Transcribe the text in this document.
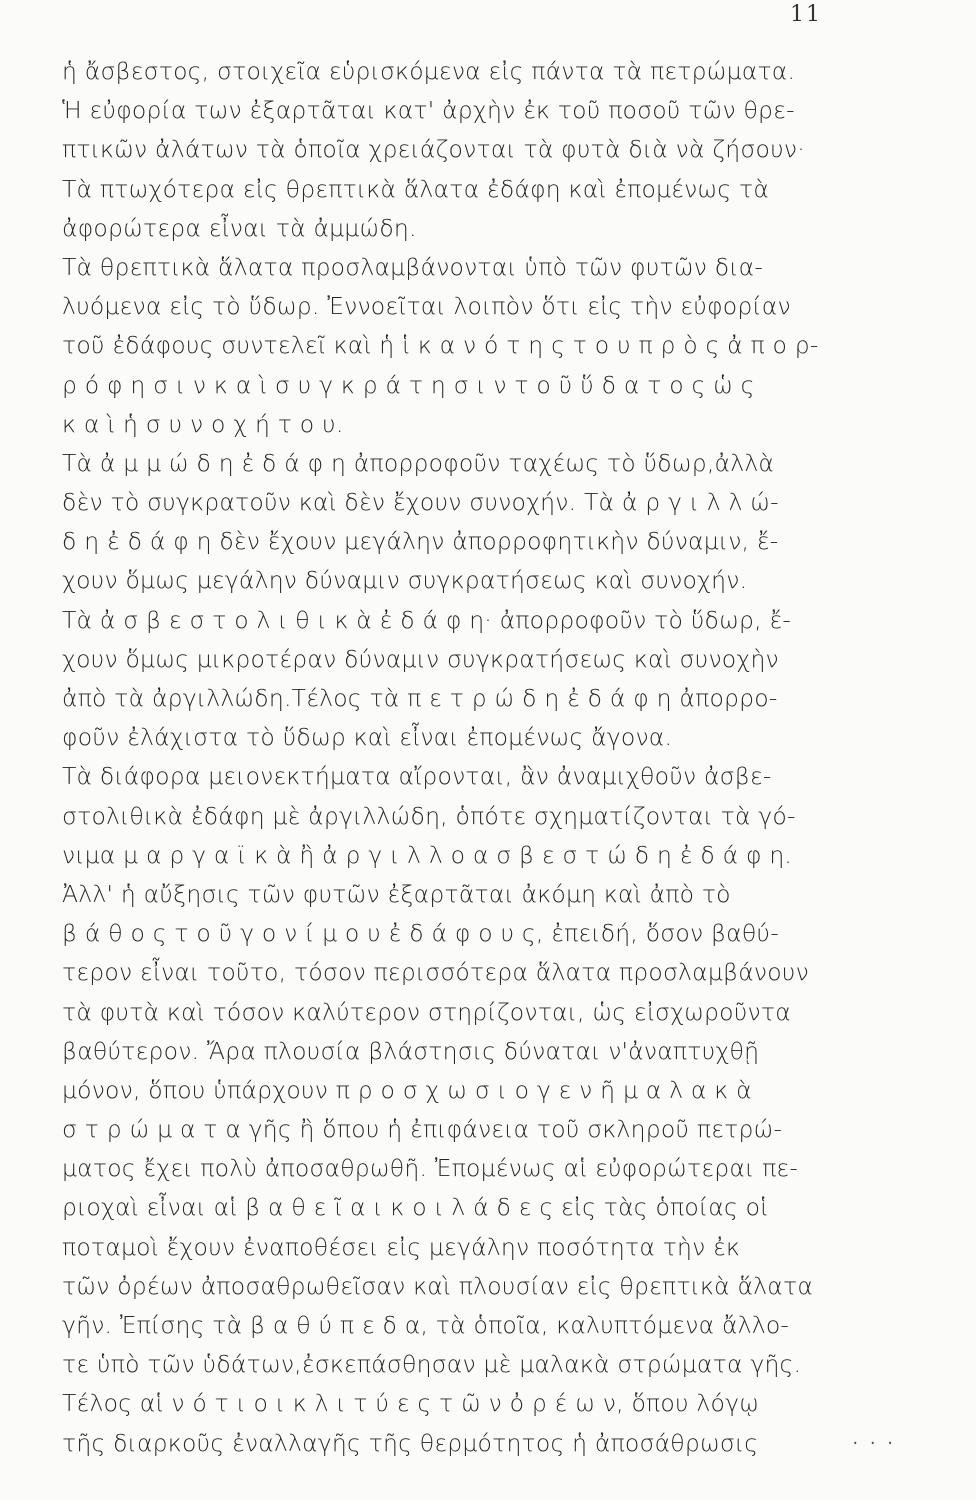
11
ἡ ἄσβεστος, στοιχεῖα εὑρισκόμενα εἰς πάντα τὰ πετρώματα.
Ἡ εὐφορία των ἐξαρτᾶται κατ' ἀρχὴν ἐκ τοῦ ποσοῦ τῶν θρε-
πτικῶν ἀλάτων τὰ ὁποῖα χρειάζονται τὰ φυτὰ διὰ νὰ ζήσουν·
Τὰ πτωχότερα εἰς θρεπτικὰ ἅλατα ἐδάφη καὶ ἐπομένως τὰ
ἀφορώτερα εἶναι τὰ ἀμμώδη.
Τὰ θρεπτικὰ ἅλατα προσλαμβάνονται ὑπὸ τῶν φυτῶν δια-
λυόμενα εἰς τὸ ὕδωρ. Ἐννοεῖται λοιπὸν ὅτι εἰς τὴν εὐφορίαν
τοῦ ἐδάφους συντελεῖ καὶ ἡ ἱ κ α ν ό τ η ς τ ο υ π ρ ὸ ς ἀ π ο ρ-
ρ ό φ η σ ι ν κ α ὶ σ υ γ κ ρ ά τ η σ ι ν τ ο ῦ ὕ δ α τ ο ς ὡ ς
κ α ὶ ἡ σ υ ν ο χ ή τ ο υ.
Τὰ ἀ μ μ ώ δ η ἐ δ ά φ η ἀπορροφοῦν ταχέως τὸ ὕδωρ,ἀλλὰ
δὲν τὸ συγκρατοῦν καὶ δὲν ἔχουν συνοχήν. Τὰ ἀ ρ γ ι λ λ ώ-
δ η ἐ δ ά φ η δὲν ἔχουν μεγάλην ἀπορροφητικὴν δύναμιν, ἔ-
χουν ὅμως μεγάλην δύναμιν συγκρατήσεως καὶ συνοχήν.
Τὰ ἀ σ β ε σ τ ο λ ι θ ι κ ὰ ἐ δ ά φ η· ἀπορροφοῦν τὸ ὕδωρ, ἔ-
χουν ὅμως μικροτέραν δύναμιν συγκρατήσεως καὶ συνοχὴν
ἀπὸ τὰ ἀργιλλώδη.Τέλος τὰ π ε τ ρ ώ δ η ἐ δ ά φ η ἀπορρο-
φοῦν ἐλάχιστα τὸ ὕδωρ καὶ εἶναι ἐπομένως ἄγονα.
Τὰ διάφορα μειονεκτήματα αἴρονται, ἂν ἀναμιχθοῦν ἀσβε-
στολιθικὰ ἐδάφη μὲ ἀργιλλώδη, ὁπότε σχηματίζονται τὰ γό-
νιμα μ α ρ γ α ϊ κ ὰ ἢ ἀ ρ γ ι λ λ ο α σ β ε σ τ ώ δ η ἐ δ ά φ η.
Ἀλλ' ἡ αὔξησις τῶν φυτῶν ἐξαρτᾶται ἀκόμη καὶ ἀπὸ τὸ
β ά θ ο ς τ ο ῦ γ ο ν ί μ ο υ ἐ δ ά φ ο υ ς, ἐπειδή, ὅσον βαθύ-
τερον εἶναι τοῦτο, τόσον περισσότερα ἅλατα προσλαμβάνουν
τὰ φυτὰ καὶ τόσον καλύτερον στηρίζονται, ὡς εἰσχωροῦντα
βαθύτερον. Ἄρα πλουσία βλάστησις δύναται ν'ἀναπτυχθῇ
μόνον, ὅπου ὑπάρχουν π ρ ο σ χ ω σ ι ο γ ε ν ῆ μ α λ α κ ὰ
σ τ ρ ώ μ α τ α γῆς ἢ ὅπου ἡ ἐπιφάνεια τοῦ σκληροῦ πετρώ-
ματος ἔχει πολὺ ἀποσαθρωθῆ. Ἐπομένως αἱ εὐφορώτεραι πε-
ριοχαὶ εἶναι αἱ β α θ ε ῖ α ι κ ο ι λ ά δ ε ς εἰς τὰς ὁποίας οἱ
ποταμοὶ ἔχουν ἐναποθέσει εἰς μεγάλην ποσότητα τὴν ἐκ
τῶν ὀρέων ἀποσαθρωθεῖσαν καὶ πλουσίαν εἰς θρεπτικὰ ἅλατα
γῆν. Ἐπίσης τὰ β α θ ύ π ε δ α, τὰ ὁποῖα, καλυπτόμενα ἄλλο-
τε ὑπὸ τῶν ὑδάτων,ἐσκεπάσθησαν μὲ μαλακὰ στρώματα γῆς.
Τέλος αἱ ν ό τ ι ο ι κ λ ι τ ύ ε ς τ ῶ ν ὀ ρ έ ω ν, ὅπου λόγῳ
τῆς διαρκοῦς ἐναλλαγῆς τῆς θερμότητος ἡ ἀποσάθρωσις	. . .
